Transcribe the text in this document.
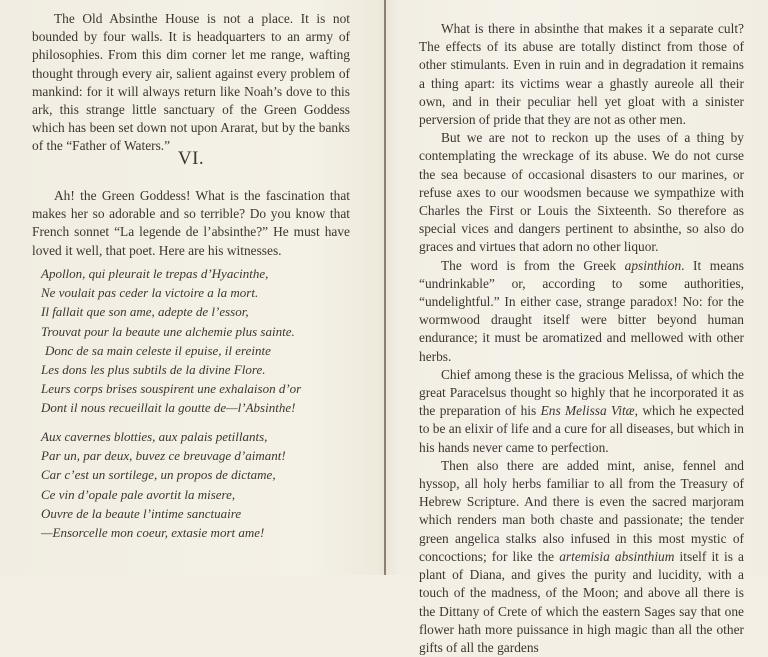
The Old Absinthe House is not a place. It is not bounded by four walls. It is headquarters to an army of philosophies. From this dim corner let me range, wafting thought through every air, salient against every problem of mankind: for it will always return like Noah’s dove to this ark, this strange little sanctuary of the Green Goddess which has been set down not upon Ararat, but by the banks of the “Father of Waters.”

VI.

Ah! the Green Goddess! What is the fascination that makes her so adorable and so terrible? Do you know that French sonnet “La legende de l’absinthe?” He must have loved it well, that poet. Here are his witnesses.

Apollon, qui pleurait le trepas d’Hyacinthe,
Ne voulait pas ceder la victoire a la mort.
Il fallait que son ame, adepte de l’essor,
Trouvat pour la beaute une alchemie plus sainte.
Donc de sa main celeste il epuise, il ereinte
Les dons les plus subtils de la divine Flore.
Leurs corps brises souspirent une exhalaison d’or
Dont il nous recueillait la goutte de—l’Absinthe!
Aux cavernes blotties, aux palais petillants,
Par un, par deux, buvez ce breuvage d’aimant!
Car c’est un sortilege, un propos de dictame,
Ce vin d’opale pale avortit la misere,
Ouvre de la beaute l’intime sanctuaire
—Ensorcelle mon coeur, extasie mort ame!

What is there in absinthe that makes it a separate cult? The effects of its abuse are totally distinct from those of other stimulants. Even in ruin and in degradation it remains a thing apart: its victims wear a ghastly aureole all their own, and in their peculiar hell yet gloat with a sinister perversion of pride that they are not as other men.

But we are not to reckon up the uses of a thing by contemplating the wreckage of its abuse. We do not curse the sea because of occasional disasters to our marines, or refuse axes to our woodsmen because we sympathize with Charles the First or Louis the Sixteenth. So therefore as special vices and dangers pertinent to absinthe, so also do graces and virtues that adorn no other liquor.

The word is from the Greek apsinthion. It means “undrinkable” or, according to some authorities, “undelightful.” In either case, strange paradox! No: for the wormwood draught itself were bitter beyond human endurance; it must be aromatized and mellowed with other herbs.

Chief among these is the gracious Melissa, of which the great Paracelsus thought so highly that he incorporated it as the preparation of his Ens Melissa Vitæ, which he expected to be an elixir of life and a cure for all diseases, but which in his hands never came to perfection.

Then also there are added mint, anise, fennel and hyssop, all holy herbs familiar to all from the Treasury of Hebrew Scripture. And there is even the sacred marjoram which renders man both chaste and passionate; the tender green angelica stalks also infused in this most mystic of concoctions; for like the artemisia absinthium itself it is a plant of Diana, and gives the purity and lucidity, with a touch of the madness, of the Moon; and above all there is the Dittany of Crete of which the eastern Sages say that one flower hath more puissance in high magic than all the other gifts of all the gardens
